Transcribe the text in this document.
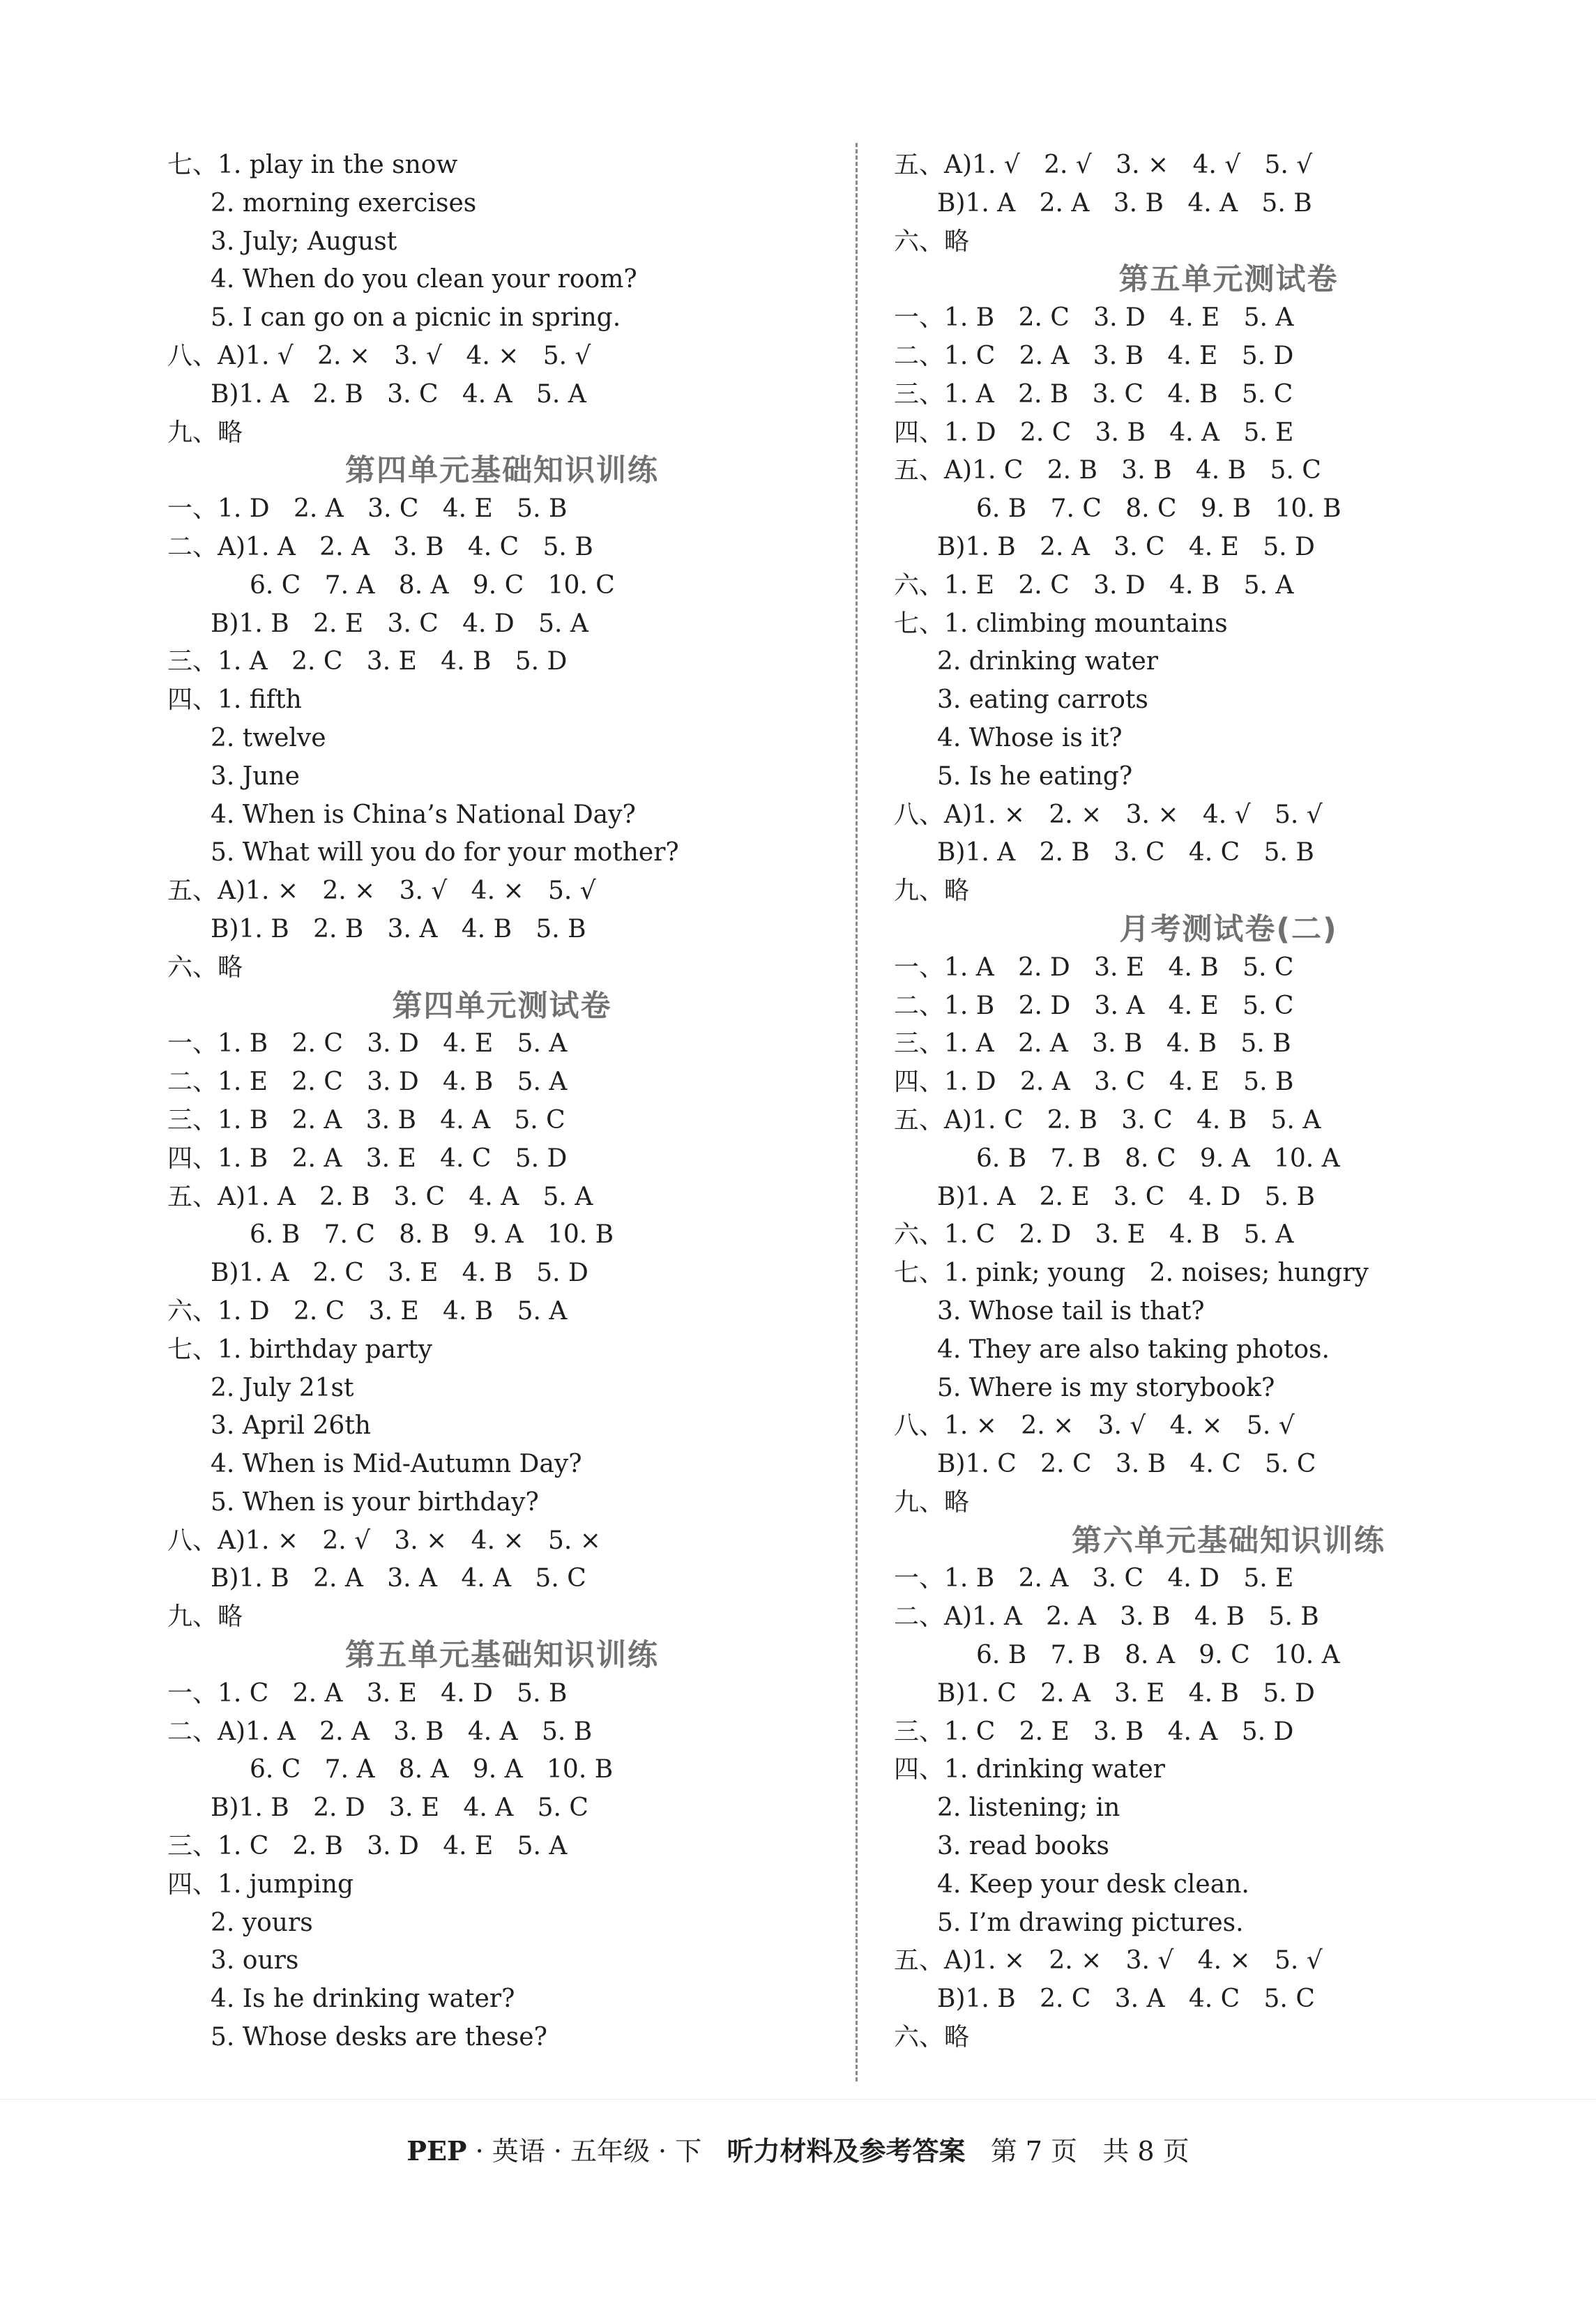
七、1. play in the snow
2. morning exercises
3. July; August
4. When do you clean your room?
5. I can go on a picnic in spring.
八、A)1. √   2. ×   3. √   4. ×   5. √
B)1. A   2. B   3. C   4. A   5. A
九、略
第四单元基础知识训练
一、1. D   2. A   3. C   4. E   5. B
二、A)1. A   2. A   3. B   4. C   5. B
6. C   7. A   8. A   9. C   10. C
B)1. B   2. E   3. C   4. D   5. A
三、1. A   2. C   3. E   4. B   5. D
四、1. fifth
2. twelve
3. June
4. When is China’s National Day?
5. What will you do for your mother?
五、A)1. ×   2. ×   3. √   4. ×   5. √
B)1. B   2. B   3. A   4. B   5. B
六、略
第四单元测试卷
一、1. B   2. C   3. D   4. E   5. A
二、1. E   2. C   3. D   4. B   5. A
三、1. B   2. A   3. B   4. A   5. C
四、1. B   2. A   3. E   4. C   5. D
五、A)1. A   2. B   3. C   4. A   5. A
6. B   7. C   8. B   9. A   10. B
B)1. A   2. C   3. E   4. B   5. D
六、1. D   2. C   3. E   4. B   5. A
七、1. birthday party
2. July 21st
3. April 26th
4. When is Mid-Autumn Day?
5. When is your birthday?
八、A)1. ×   2. √   3. ×   4. ×   5. ×
B)1. B   2. A   3. A   4. A   5. C
九、略
第五单元基础知识训练
一、1. C   2. A   3. E   4. D   5. B
二、A)1. A   2. A   3. B   4. A   5. B
6. C   7. A   8. A   9. A   10. B
B)1. B   2. D   3. E   4. A   5. C
三、1. C   2. B   3. D   4. E   5. A
四、1. jumping
2. yours
3. ours
4. Is he drinking water?
5. Whose desks are these?
五、A)1. √   2. √   3. ×   4. √   5. √
B)1. A   2. A   3. B   4. A   5. B
六、略
第五单元测试卷
一、1. B   2. C   3. D   4. E   5. A
二、1. C   2. A   3. B   4. E   5. D
三、1. A   2. B   3. C   4. B   5. C
四、1. D   2. C   3. B   4. A   5. E
五、A)1. C   2. B   3. B   4. B   5. C
6. B   7. C   8. C   9. B   10. B
B)1. B   2. A   3. C   4. E   5. D
六、1. E   2. C   3. D   4. B   5. A
七、1. climbing mountains
2. drinking water
3. eating carrots
4. Whose is it?
5. Is he eating?
八、A)1. ×   2. ×   3. ×   4. √   5. √
B)1. A   2. B   3. C   4. C   5. B
九、略
月考测试卷(二)
一、1. A   2. D   3. E   4. B   5. C
二、1. B   2. D   3. A   4. E   5. C
三、1. A   2. A   3. B   4. B   5. B
四、1. D   2. A   3. C   4. E   5. B
五、A)1. C   2. B   3. C   4. B   5. A
6. B   7. B   8. C   9. A   10. A
B)1. A   2. E   3. C   4. D   5. B
六、1. C   2. D   3. E   4. B   5. A
七、1. pink; young   2. noises; hungry
3. Whose tail is that?
4. They are also taking photos.
5. Where is my storybook?
八、1. ×   2. ×   3. √   4. ×   5. √
B)1. C   2. C   3. B   4. C   5. C
九、略
第六单元基础知识训练
一、1. B   2. A   3. C   4. D   5. E
二、A)1. A   2. A   3. B   4. B   5. B
6. B   7. B   8. A   9. C   10. A
B)1. C   2. A   3. E   4. B   5. D
三、1. C   2. E   3. B   4. A   5. D
四、1. drinking water
2. listening; in
3. read books
4. Keep your desk clean.
5. I’m drawing pictures.
五、A)1. ×   2. ×   3. √   4. ×   5. √
B)1. B   2. C   3. A   4. C   5. C
六、略
PEP · 英语 · 五年级 · 下   听力材料及参考答案   第 7 页   共 8 页
